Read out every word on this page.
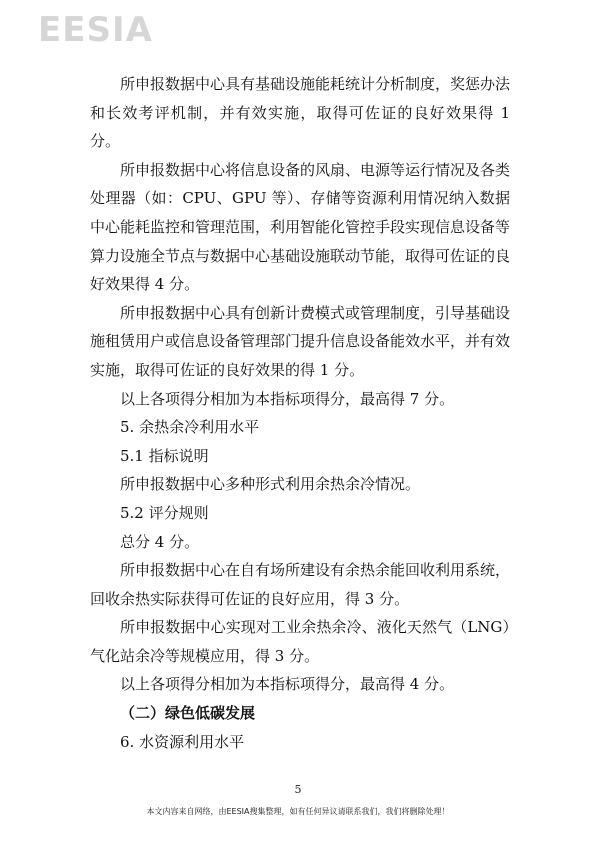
EESIA

所申报数据中心具有基础设施能耗统计分析制度，奖惩办法和长效考评机制，并有效实施，取得可佐证的良好效果得 1 分。

所申报数据中心将信息设备的风扇、电源等运行情况及各类处理器（如：CPU、GPU 等）、存储等资源利用情况纳入数据中心能耗监控和管理范围，利用智能化管控手段实现信息设备等算力设施全节点与数据中心基础设施联动节能，取得可佐证的良好效果得 4 分。

所申报数据中心具有创新计费模式或管理制度，引导基础设施租赁用户或信息设备管理部门提升信息设备能效水平，并有效实施，取得可佐证的良好效果的得 1 分。

以上各项得分相加为本指标项得分，最高得 7 分。

5. 余热余冷利用水平

5.1 指标说明

所申报数据中心多种形式利用余热余冷情况。

5.2 评分规则

总分 4 分。

所申报数据中心在自有场所建设有余热余能回收利用系统，回收余热实际获得可佐证的良好应用，得 3 分。

所申报数据中心实现对工业余热余冷、液化天然气（LNG）气化站余冷等规模应用，得 3 分。

以上各项得分相加为本指标项得分，最高得 4 分。

（二）绿色低碳发展

6. 水资源利用水平

5
本文内容来自网络，由EESIA搜集整理，如有任何异议请联系我们，我们将删除处理！
